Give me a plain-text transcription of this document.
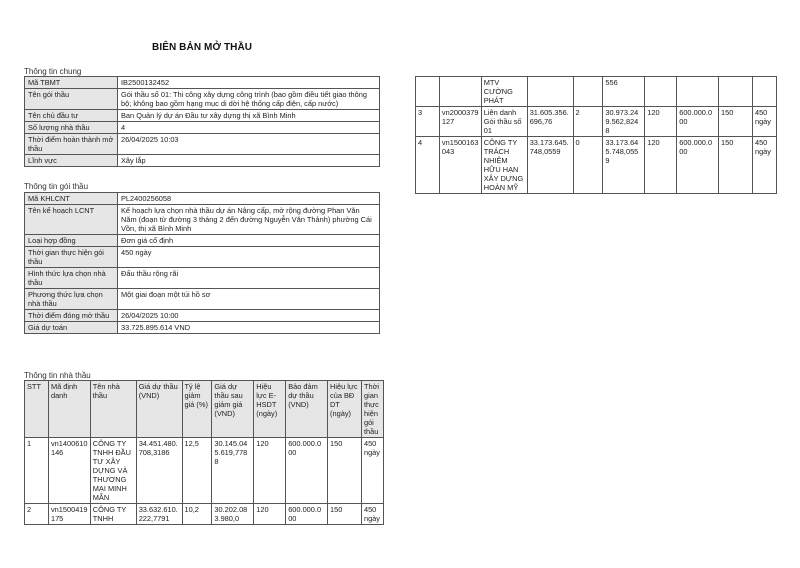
BIÊN BẢN MỞ THẦU
Thông tin chung
Mã TBMT	IB2500132452
Tên gói thầu	Gói thầu số 01: Thi công xây dựng công trình (bao gồm điều tiết giao thông bộ; không bao gồm hạng mục di dời hệ thống cấp điện, cấp nước)
Tên chủ đầu tư	Ban Quản lý dự án Đầu tư xây dựng thị xã Bình Minh
Số lượng nhà thầu	4
Thời điểm hoàn thành mở thầu	26/04/2025 10:03
Lĩnh vực	Xây lắp
Thông tin gói thầu
Mã KHLCNT	PL2400256058
Tên kế hoạch LCNT	Kế hoạch lựa chọn nhà thầu dự án Nâng cấp, mở rộng đường Phan Văn Năm (đoạn từ đường 3 tháng 2 đến đường Nguyễn Văn Thảnh) phường Cái Vồn, thị xã Bình Minh
Loại hợp đồng	Đơn giá cố định
Thời gian thực hiện gói thầu	450 ngày
Hình thức lựa chọn nhà thầu	Đấu thầu rộng rãi
Phương thức lựa chọn nhà thầu	Một giai đoạn một túi hồ sơ
Thời điểm đóng mở thầu	26/04/2025 10:00
Giá dự toán	33.725.895.614 VND
Thông tin nhà thầu
STT	Mã định danh	Tên nhà thầu	Giá dự thầu (VND)	Tỷ lệ giảm giá (%)	Giá dự thầu sau giảm giá (VND)	Hiệu lực E-HSDT (ngày)	Bảo đảm dự thầu (VND)	Hiệu lực của BĐ DT (ngày)	Thời gian thực hiện gói thầu
1	vn1400610146	CÔNG TY TNHH ĐẦU TƯ XÂY DỰNG VÀ THƯƠNG MẠI MINH MẪN	34.451.480.708,3186	12,5	30.145.045.619,7788	120	600.000.000	150	450 ngày
2	vn1500419175	CÔNG TY TNHH	33.632.610.222,7791	10,2	30.202.083.980,0	120	600.000.000	150	450 ngày
		MTV CƯỜNG PHÁT			556				
3	vn2000379127	Liên danh Gói thầu số 01	31.605.356.696,76	2	30.973.249.562,8248	120	600.000.000	150	450 ngày
4	vn1500163043	CÔNG TY TRÁCH NHIỆM HỮU HẠN XÂY DỰNG HOÀN MỸ	33.173.645.748,0559	0	33.173.645.748,0559	120	600.000.000	150	450 ngày
